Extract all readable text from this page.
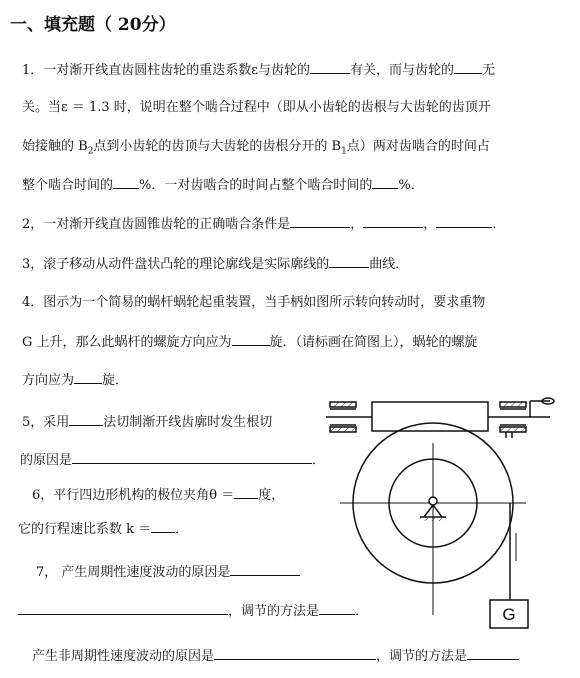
一、填充题（ 20分）
1．一对渐开线直齿圆柱齿轮的重迭系数ε与齿轮的	有关，而与齿轮的 无
关。当ε ＝ 1.3 时，说明在整个啮合过程中（即从小齿轮的齿根与大齿轮的齿顶开
始接触的 $B_2$点到小齿轮的齿顶与大齿轮的齿根分开的 $B_1$点）两对齿啮合的时间占
整个啮合时间的 %．一对齿啮合的时间占整个啮合时间的 %．
2，一对渐开线直齿圆锥齿轮的正确啮合条件是	，	，	．
3，滚子移动从动件盘状凸轮的理论廓线是实际廓线的	曲线．
4．图示为一个简易的蜗杆蜗轮起重装置，当手柄如图所示转向转动时，要求重物
G 上升，那么此蜗杆的螺旋方向应为	旋．（请标画在简图上），蜗轮的螺旋
方向应为 旋．
5，采用	法切制渐开线齿廓时发生根切
的原因是	．
6，平行四边形机构的极位夹角θ ＝ 度，
它的行程速比系数 k ＝ ．
7， 产生周期性速度波动的原因是
，调节的方法是	．
产生非周期性速度波动的原因是	，调节的方法是
G
